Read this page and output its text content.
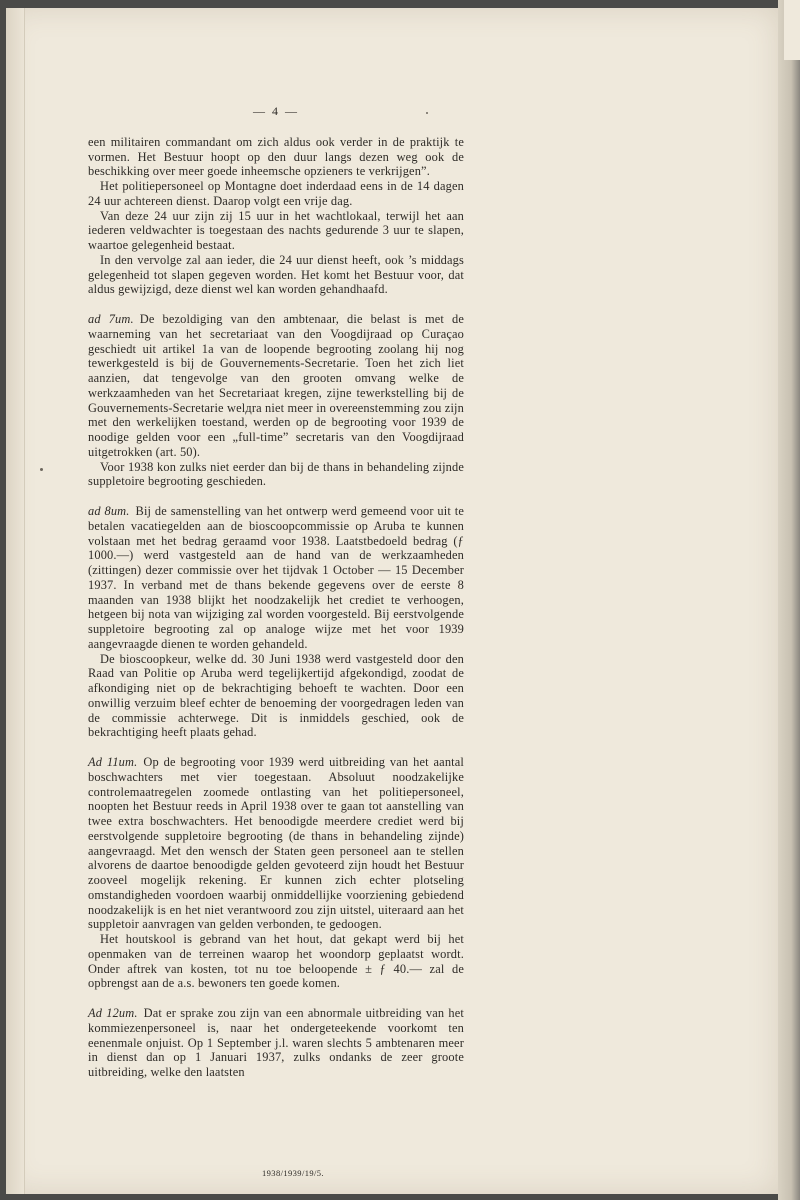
— 4 —

een militairen commandant om zich aldus ook verder in de praktijk te vormen. Het Bestuur hoopt op den duur langs dezen weg ook de beschikking over meer goede inheemsche opzieners te verkrijgen”.

Het politiepersoneel op Montagne doet inderdaad eens in de 14 dagen 24 uur achtereen dienst. Daarop volgt een vrije dag.

Van deze 24 uur zijn zij 15 uur in het wachtlokaal, terwijl het aan iederen veldwachter is toegestaan des nachts gedurende 3 uur te slapen, waartoe gelegenheid bestaat.

In den vervolge zal aan ieder, die 24 uur dienst heeft, ook ’s middags gelegenheid tot slapen gegeven worden. Het komt het Bestuur voor, dat aldus gewijzigd, deze dienst wel kan worden gehandhaafd.

ad 7um. De bezoldiging van den ambtenaar, die belast is met de waarneming van het secretariaat van den Voogdijraad op Curaçao geschiedt uit artikel 1a van de loopende begrooting zoolang hij nog tewerkgesteld is bij de Gouvernements-Secretarie. Toen het zich liet aanzien, dat tengevolge van den grooten omvang welke de werkzaamheden van het Secretariaat kregen, zijne tewerkstelling bij de Gouvernements-Secretarie welдra niet meer in overeenstemming zou zijn met den werkelijken toestand, werden op de begrooting voor 1939 de noodige gelden voor een „full-time” secretaris van den Voogdijraad uitgetrokken (art. 50).

Voor 1938 kon zulks niet eerder dan bij de thans in behandeling zijnde suppletoire begrooting geschieden.

ad 8um. Bij de samenstelling van het ontwerp werd gemeend voor uit te betalen vacatiegelden aan de bioscoopcommissie op Aruba te kunnen volstaan met het bedrag geraamd voor 1938. Laatstbedoeld bedrag (ƒ 1000.—) werd vastgesteld aan de hand van de werkzaamheden (zittingen) dezer commissie over het tijdvak 1 October — 15 December 1937. In verband met de thans bekende gegevens over de eerste 8 maanden van 1938 blijkt het noodzakelijk het crediet te verhoogen, hetgeen bij nota van wijziging zal worden voorgesteld. Bij eerstvolgende suppletoire begrooting zal op analoge wijze met het voor 1939 aangevraagde dienen te worden gehandeld.

De bioscoopkeur, welke dd. 30 Juni 1938 werd vastgesteld door den Raad van Politie op Aruba werd tegelijkertijd afgekondigd, zoodat de afkondiging niet op de bekrachtiging behoeft te wachten. Door een onwillig verzuim bleef echter de benoeming der voorgedragen leden van de commissie achterwege. Dit is inmiddels geschied, ook de bekrachtiging heeft plaats gehad.

Ad 11um. Op de begrooting voor 1939 werd uitbreiding van het aantal boschwachters met vier toegestaan. Absoluut noodzakelijke controlemaatregelen zoomede ontlasting van het politiepersoneel, noopten het Bestuur reeds in April 1938 over te gaan tot aanstelling van twee extra boschwachters. Het benoodigde meerdere crediet werd bij eerstvolgende suppletoire begrooting (de thans in behandeling zijnde) aangevraagd. Met den wensch der Staten geen personeel aan te stellen alvorens de daartoe benoodigde gelden gevoteerd zijn houdt het Bestuur zooveel mogelijk rekening. Er kunnen zich echter plotseling omstandigheden voordoen waarbij onmiddellijke voorziening gebiedend noodzakelijk is en het niet verantwoord zou zijn uitstel, uiteraard aan het suppletoir aanvragen van gelden verbonden, te gedoogen.

Het houtskool is gebrand van het hout, dat gekapt werd bij het openmaken van de terreinen waarop het woondorp geplaatst wordt. Onder aftrek van kosten, tot nu toe beloopende ± ƒ 40.— zal de opbrengst aan de a.s. bewoners ten goede komen.

Ad 12um. Dat er sprake zou zijn van een abnormale uitbreiding van het kommiezenpersoneel is, naar het ondergeteekende voorkomt ten eenenmale onjuist. Op 1 September j.l. waren slechts 5 ambtenaren meer in dienst dan op 1 Januari 1937, zulks ondanks de zeer groote uitbreiding, welke den laatsten

1938/1939/19/5.
